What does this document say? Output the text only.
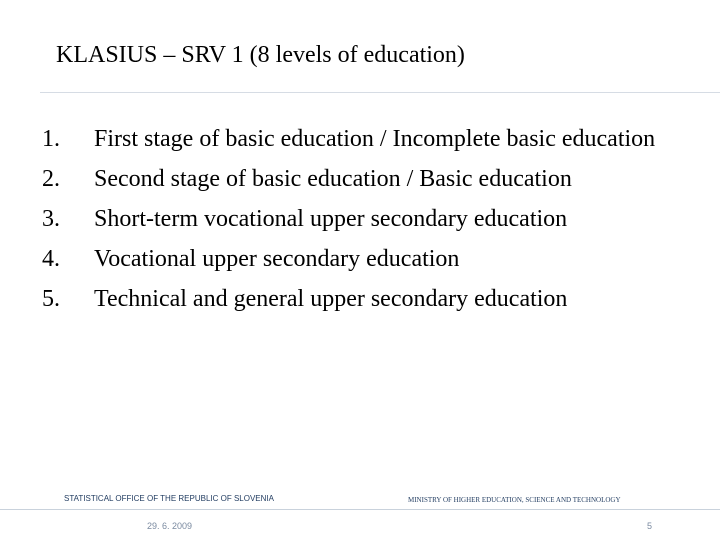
KLASIUS – SRV 1 (8 levels of education)
1. First stage of basic education / Incomplete basic education
2. Second stage of basic education / Basic education
3. Short-term vocational upper secondary education
4. Vocational upper secondary education
5. Technical and general upper secondary education
STATISTICAL OFFICE OF THE REPUBLIC OF SLOVENIA	MINISTRY OF HIGHER EDUCATION, SCIENCE AND TECHNOLOGY
29. 6. 2009	5
